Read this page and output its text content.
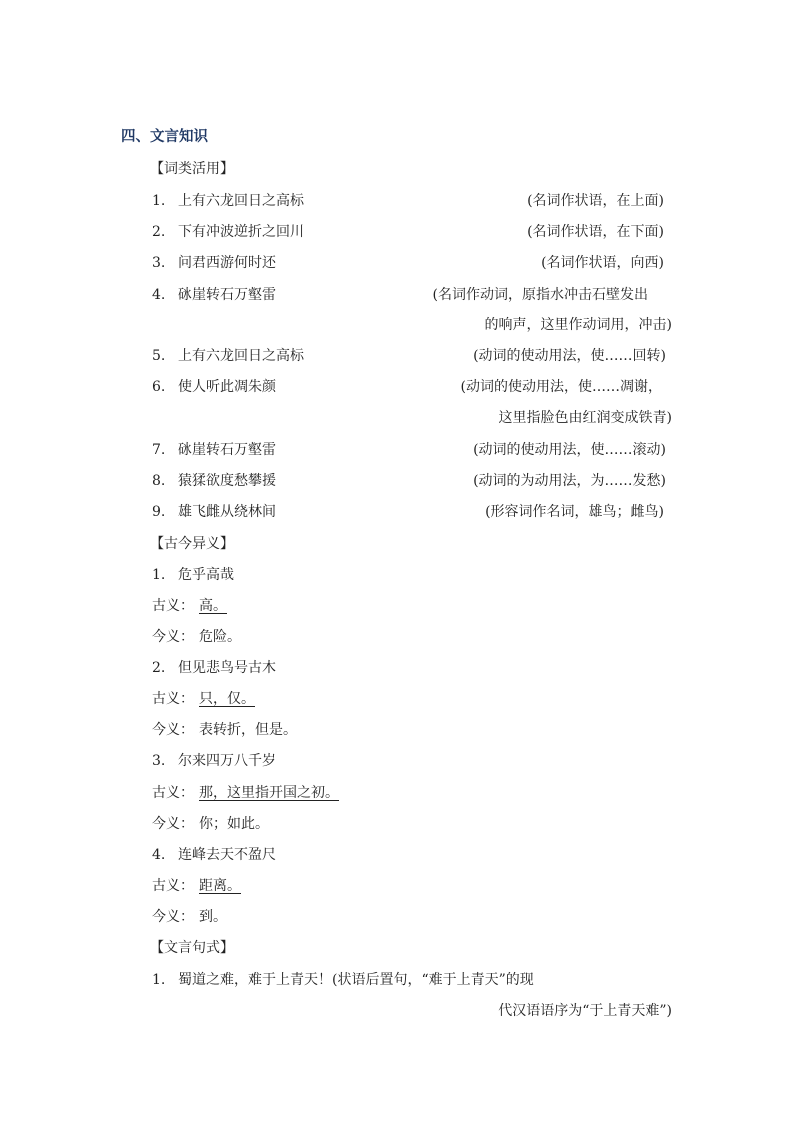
四、文言知识
【词类活用】
1. 上有六龙回日之高标	(名词作状语，在上面)
2. 下有冲波逆折之回川	(名词作状语，在下面)
3. 问君西游何时还	(名词作状语，向西)
4. 砯崖转石万壑雷	(名词作动词，原指水冲击石壁发出
的响声，这里作动词用，冲击)
5. 上有六龙回日之高标	(动词的使动用法，使……回转)
6. 使人听此凋朱颜	(动词的使动用法，使……凋谢，
这里指脸色由红润变成铁青)
7. 砯崖转石万壑雷	(动词的使动用法，使……滚动)
8. 猿猱欲度愁攀援	(动词的为动用法，为……发愁)
9. 雄飞雌从绕林间	(形容词作名词，雄鸟；雌鸟)
【古今异义】
1. 危乎高哉
古义： 高。
今义： 危险。
2. 但见悲鸟号古木
古义： 只，仅。
今义： 表转折，但是。
3. 尔来四万八千岁
古义： 那，这里指开国之初。
今义： 你；如此。
4. 连峰去天不盈尺
古义： 距离。
今义： 到。
【文言句式】
1. 蜀道之难，难于上青天！(状语后置句，“难于上青天”的现
代汉语语序为“于上青天难”)
